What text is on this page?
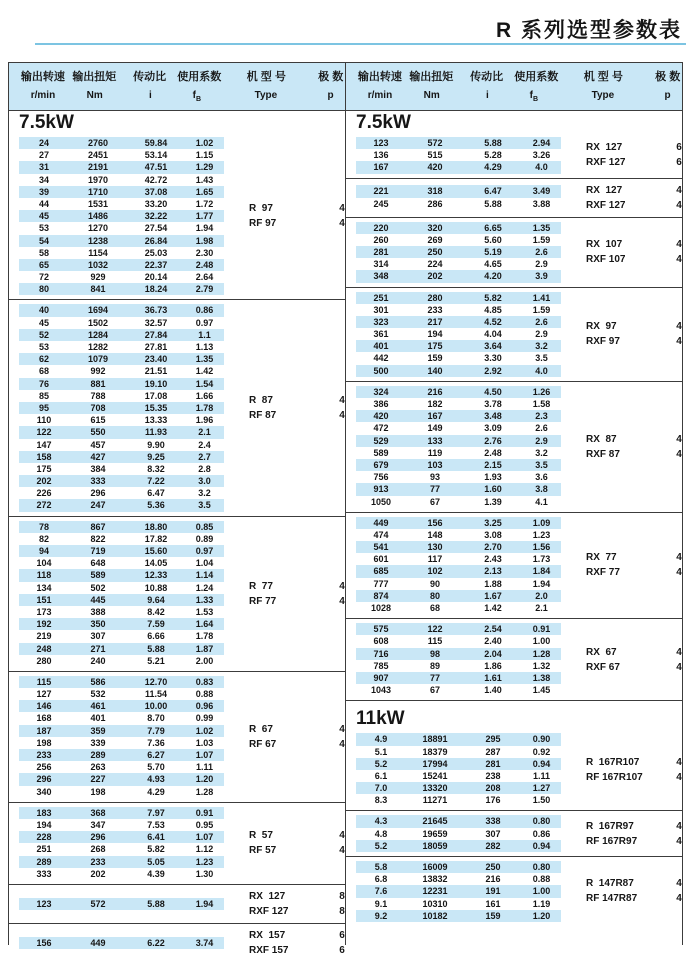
R 系列选型参数表
输出转速 输出扭矩	传动比	使用系数	机 型 号	极 数
r/min	Nm	i	$f_B$	Type	p
7.5kW
24	2760	59.84	1.02
27	2451	53.14	1.15
31	2191	47.51	1.29
34	1970	42.72	1.43
39	1710	37.08	1.65
44	1531	33.20	1.72
45	1486	32.22	1.77
53	1270	27.54	1.94
54	1238	26.84	1.98
58	1154	25.03	2.30
65	1032	22.37	2.48
72	929	20.14	2.64
80	841	18.24	2.79
R  97	4
RF 97	4
40	1694	36.73	0.86
45	1502	32.57	0.97
52	1284	27.84	1.1
53	1282	27.81	1.13
62	1079	23.40	1.35
68	992	21.51	1.42
76	881	19.10	1.54
85	788	17.08	1.66
95	708	15.35	1.78
110	615	13.33	1.96
122	550	11.93	2.1
147	457	9.90	2.4
158	427	9.25	2.7
175	384	8.32	2.8
202	333	7.22	3.0
226	296	6.47	3.2
272	247	5.36	3.5
R  87	4
RF 87	4
78	867	18.80	0.85
82	822	17.82	0.89
94	719	15.60	0.97
104	648	14.05	1.04
118	589	12.33	1.14
134	502	10.88	1.24
151	445	9.64	1.33
173	388	8.42	1.53
192	350	7.59	1.64
219	307	6.66	1.78
248	271	5.88	1.87
280	240	5.21	2.00
R  77	4
RF 77	4
115	586	12.70	0.83
127	532	11.54	0.88
146	461	10.00	0.96
168	401	8.70	0.99
187	359	7.79	1.02
198	339	7.36	1.03
233	289	6.27	1.07
256	263	5.70	1.11
296	227	4.93	1.20
340	198	4.29	1.28
R  67	4
RF 67	4
183	368	7.97	0.91
194	347	7.53	0.95
228	296	6.41	1.07
251	268	5.82	1.12
289	233	5.05	1.23
333	202	4.39	1.30
R  57	4
RF 57	4
123	572	5.88	1.94
RX  127	8
RXF 127	8
156	449	6.22	3.74
RX  157	6
RXF 157	6
输出转速 输出扭矩	传动比	使用系数	机 型 号	极 数
r/min	Nm	i	$f_B$	Type	p
7.5kW
123	572	5.88	2.94
136	515	5.28	3.26
167	420	4.29	4.0
RX  127	6
RXF 127	6
221	318	6.47	3.49
245	286	5.88	3.88
RX  127	4
RXF 127	4
220	320	6.65	1.35
260	269	5.60	1.59
281	250	5.19	2.6
314	224	4.65	2.9
348	202	4.20	3.9
RX  107	4
RXF 107	4
251	280	5.82	1.41
301	233	4.85	1.59
323	217	4.52	2.6
361	194	4.04	2.9
401	175	3.64	3.2
442	159	3.30	3.5
500	140	2.92	4.0
RX  97	4
RXF 97	4
324	216	4.50	1.26
386	182	3.78	1.58
420	167	3.48	2.3
472	149	3.09	2.6
529	133	2.76	2.9
589	119	2.48	3.2
679	103	2.15	3.5
756	93	1.93	3.6
913	77	1.60	3.8
1050	67	1.39	4.1
RX  87	4
RXF 87	4
449	156	3.25	1.09
474	148	3.08	1.23
541	130	2.70	1.56
601	117	2.43	1.73
685	102	2.13	1.84
777	90	1.88	1.94
874	80	1.67	2.0
1028	68	1.42	2.1
RX  77	4
RXF 77	4
575	122	2.54	0.91
608	115	2.40	1.00
716	98	2.04	1.28
785	89	1.86	1.32
907	77	1.61	1.38
1043	67	1.40	1.45
RX  67	4
RXF 67	4
11kW
4.9	18891	295	0.90
5.1	18379	287	0.92
5.2	17994	281	0.94
6.1	15241	238	1.11
7.0	13320	208	1.27
8.3	11271	176	1.50
R  167R107	4
RF 167R107	4
4.3	21645	338	0.80
4.8	19659	307	0.86
5.2	18059	282	0.94
R  167R97	4
RF 167R97	4
5.8	16009	250	0.80
6.8	13832	216	0.88
7.6	12231	191	1.00
9.1	10310	161	1.19
9.2	10182	159	1.20
R  147R87	4
RF 147R87	4
